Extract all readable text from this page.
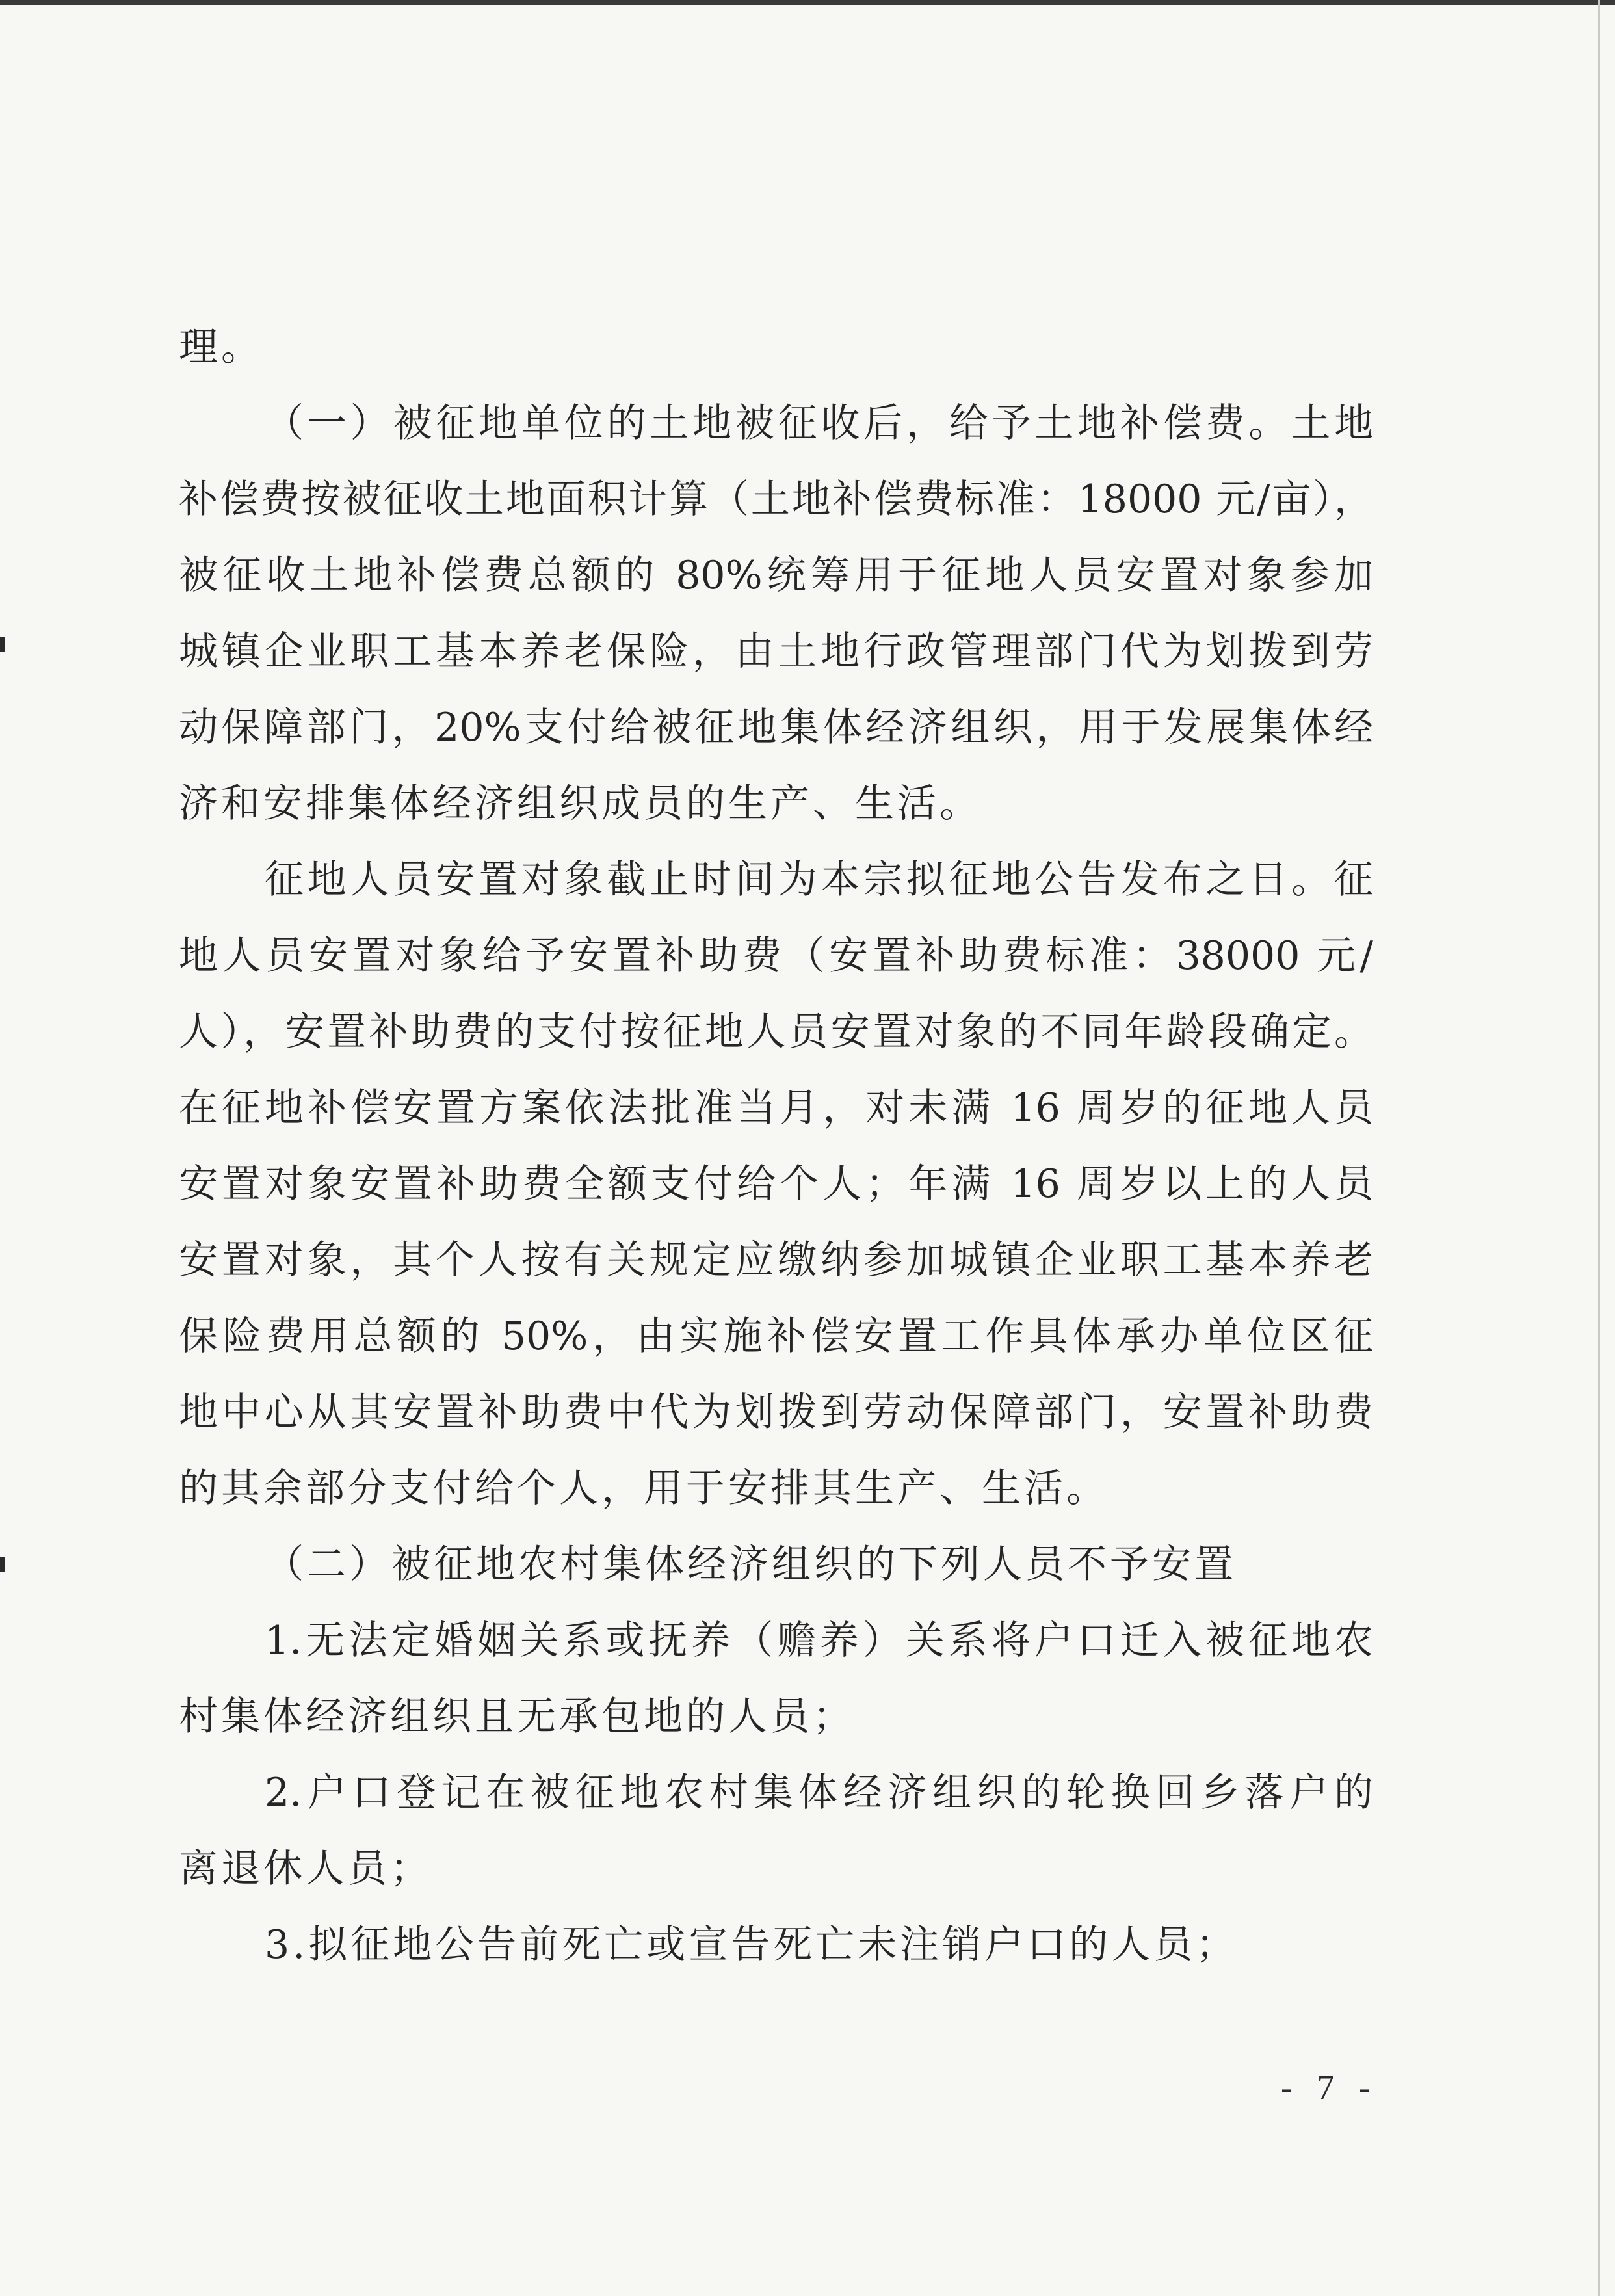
理。
（一）被征地单位的土地被征收后，给予土地补偿费。土地
补偿费按被征收土地面积计算（土地补偿费标准：18000 元/亩），
被征收土地补偿费总额的 80%统筹用于征地人员安置对象参加
城镇企业职工基本养老保险，由土地行政管理部门代为划拨到劳
动保障部门，20%支付给被征地集体经济组织，用于发展集体经
济和安排集体经济组织成员的生产、生活。
征地人员安置对象截止时间为本宗拟征地公告发布之日。征
地人员安置对象给予安置补助费（安置补助费标准：38000 元/
人），安置补助费的支付按征地人员安置对象的不同年龄段确定。
在征地补偿安置方案依法批准当月，对未满 16 周岁的征地人员
安置对象安置补助费全额支付给个人；年满 16 周岁以上的人员
安置对象，其个人按有关规定应缴纳参加城镇企业职工基本养老
保险费用总额的 50%，由实施补偿安置工作具体承办单位区征
地中心从其安置补助费中代为划拨到劳动保障部门，安置补助费
的其余部分支付给个人，用于安排其生产、生活。
（二）被征地农村集体经济组织的下列人员不予安置
1.无法定婚姻关系或抚养（赡养）关系将户口迁入被征地农
村集体经济组织且无承包地的人员；
2.户口登记在被征地农村集体经济组织的轮换回乡落户的
离退休人员；
3.拟征地公告前死亡或宣告死亡未注销户口的人员；
- 7 -
